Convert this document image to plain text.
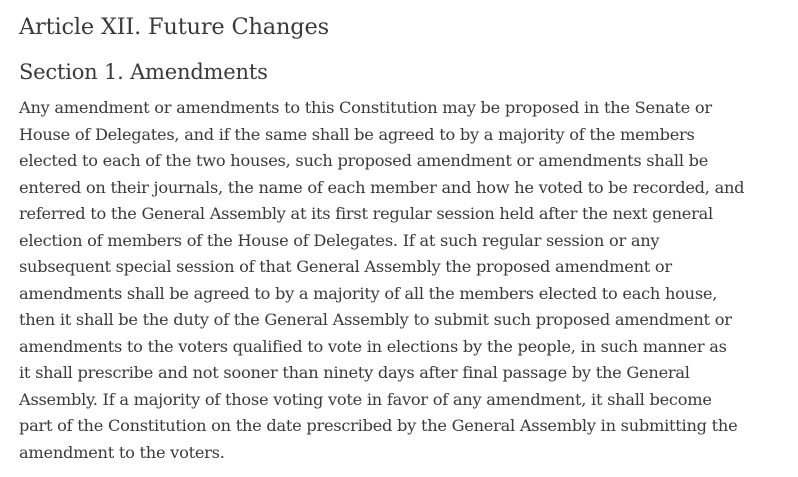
Article XII. Future Changes
Section 1. Amendments

Any amendment or amendments to this Constitution may be proposed in the Senate or
House of Delegates, and if the same shall be agreed to by a majority of the members
elected to each of the two houses, such proposed amendment or amendments shall be
entered on their journals, the name of each member and how he voted to be recorded, and
referred to the General Assembly at its first regular session held after the next general
election of members of the House of Delegates. If at such regular session or any
subsequent special session of that General Assembly the proposed amendment or
amendments shall be agreed to by a majority of all the members elected to each house,
then it shall be the duty of the General Assembly to submit such proposed amendment or
amendments to the voters qualified to vote in elections by the people, in such manner as
it shall prescribe and not sooner than ninety days after final passage by the General
Assembly. If a majority of those voting vote in favor of any amendment, it shall become
part of the Constitution on the date prescribed by the General Assembly in submitting the
amendment to the voters.
